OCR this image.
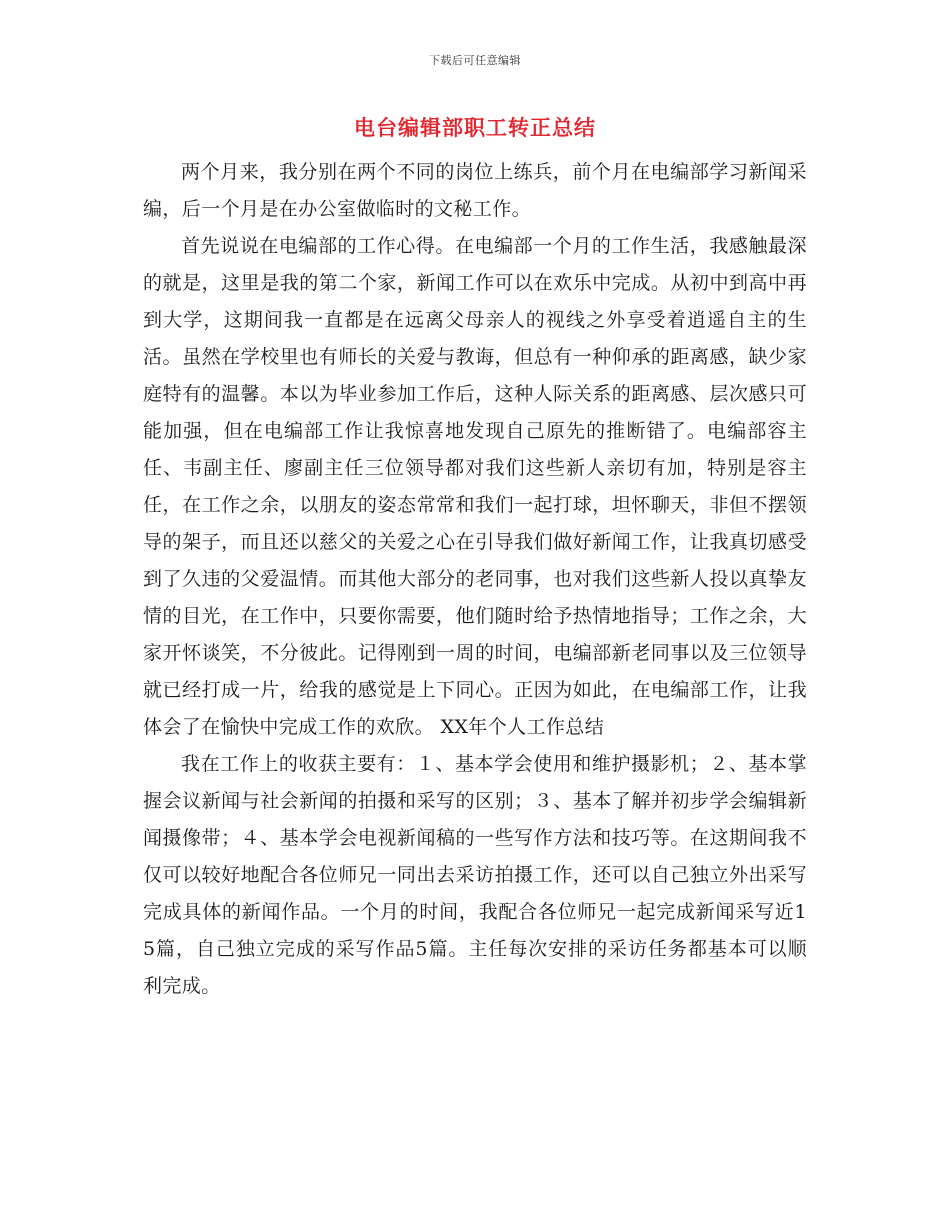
下载后可任意编辑
电台编辑部职工转正总结

两个月来，我分别在两个不同的岗位上练兵，前个月在电编部学习新闻采编，后一个月是在办公室做临时的文秘工作。

首先说说在电编部的工作心得。在电编部一个月的工作生活，我感触最深的就是，这里是我的第二个家，新闻工作可以在欢乐中完成。从初中到高中再到大学，这期间我一直都是在远离父母亲人的视线之外享受着逍遥自主的生活。虽然在学校里也有师长的关爱与教诲，但总有一种仰承的距离感，缺少家庭特有的温馨。本以为毕业参加工作后，这种人际关系的距离感、层次感只可能加强，但在电编部工作让我惊喜地发现自己原先的推断错了。电编部容主任、韦副主任、廖副主任三位领导都对我们这些新人亲切有加，特别是容主任，在工作之余，以朋友的姿态常常和我们一起打球，坦怀聊天，非但不摆领导的架子，而且还以慈父的关爱之心在引导我们做好新闻工作，让我真切感受到了久违的父爱温情。而其他大部分的老同事，也对我们这些新人投以真挚友情的目光，在工作中，只要你需要，他们随时给予热情地指导；工作之余，大家开怀谈笑，不分彼此。记得刚到一周的时间，电编部新老同事以及三位领导就已经打成一片，给我的感觉是上下同心。正因为如此，在电编部工作，让我体会了在愉快中完成工作的欢欣。 XX年个人工作总结

我在工作上的收获主要有：１、基本学会使用和维护摄影机；２、基本掌握会议新闻与社会新闻的拍摄和采写的区别；３、基本了解并初步学会编辑新闻摄像带；４、基本学会电视新闻稿的一些写作方法和技巧等。在这期间我不仅可以较好地配合各位师兄一同出去采访拍摄工作，还可以自己独立外出采写完成具体的新闻作品。一个月的时间，我配合各位师兄一起完成新闻采写近15篇，自己独立完成的采写作品5篇。主任每次安排的采访任务都基本可以顺利完成。
